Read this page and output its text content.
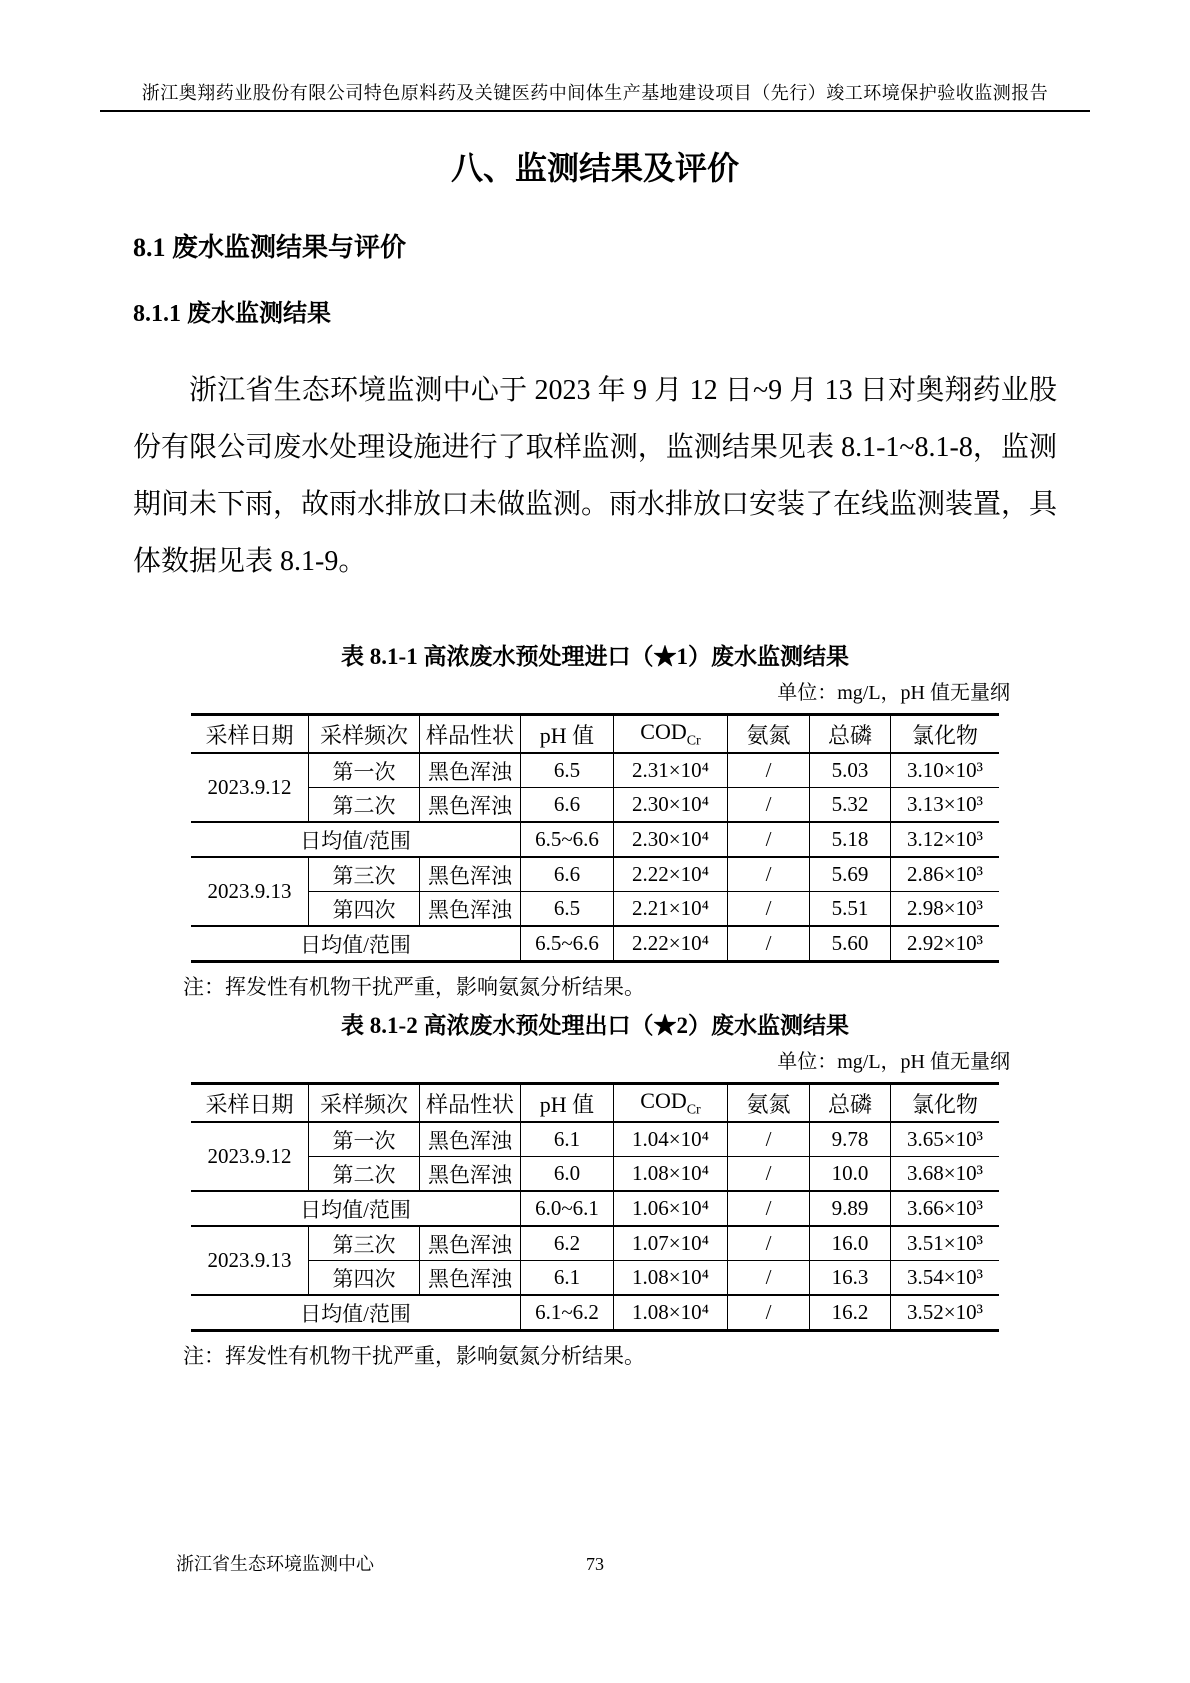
浙江奥翔药业股份有限公司特色原料药及关键医药中间体生产基地建设项目（先行）竣工环境保护验收监测报告
八、监测结果及评价
8.1 废水监测结果与评价
8.1.1 废水监测结果

浙江省生态环境监测中心于 2023 年 9 月 12 日~9 月 13 日对奥翔药业股份有限公司废水处理设施进行了取样监测，监测结果见表 8.1-1~8.1-8，监测期间未下雨，故雨水排放口未做监测。雨水排放口安装了在线监测装置，具体数据见表 8.1-9。

表 8.1-1 高浓废水预处理进口（★1）废水监测结果
单位：mg/L，pH 值无量纲
采样日期	采样频次	样品性状	pH 值	$COD_{Cr}$	氨氮	总磷	氯化物
2023.9.12	第一次	黑色浑浊	6.5	2.31×10⁴	/	5.03	3.10×10³
	第二次	黑色浑浊	6.6	2.30×10⁴	/	5.32	3.13×10³
日均值/范围			6.5~6.6	2.30×10⁴	/	5.18	3.12×10³
2023.9.13	第三次	黑色浑浊	6.6	2.22×10⁴	/	5.69	2.86×10³
	第四次	黑色浑浊	6.5	2.21×10⁴	/	5.51	2.98×10³
日均值/范围			6.5~6.6	2.22×10⁴	/	5.60	2.92×10³
注：挥发性有机物干扰严重，影响氨氮分析结果。
表 8.1-2 高浓废水预处理出口（★2）废水监测结果
单位：mg/L，pH 值无量纲
采样日期	采样频次	样品性状	pH 值	$COD_{Cr}$	氨氮	总磷	氯化物
2023.9.12	第一次	黑色浑浊	6.1	1.04×10⁴	/	9.78	3.65×10³
	第二次	黑色浑浊	6.0	1.08×10⁴	/	10.0	3.68×10³
日均值/范围			6.0~6.1	1.06×10⁴	/	9.89	3.66×10³
2023.9.13	第三次	黑色浑浊	6.2	1.07×10⁴	/	16.0	3.51×10³
	第四次	黑色浑浊	6.1	1.08×10⁴	/	16.3	3.54×10³
日均值/范围			6.1~6.2	1.08×10⁴	/	16.2	3.52×10³
注：挥发性有机物干扰严重，影响氨氮分析结果。
浙江省生态环境监测中心	73
